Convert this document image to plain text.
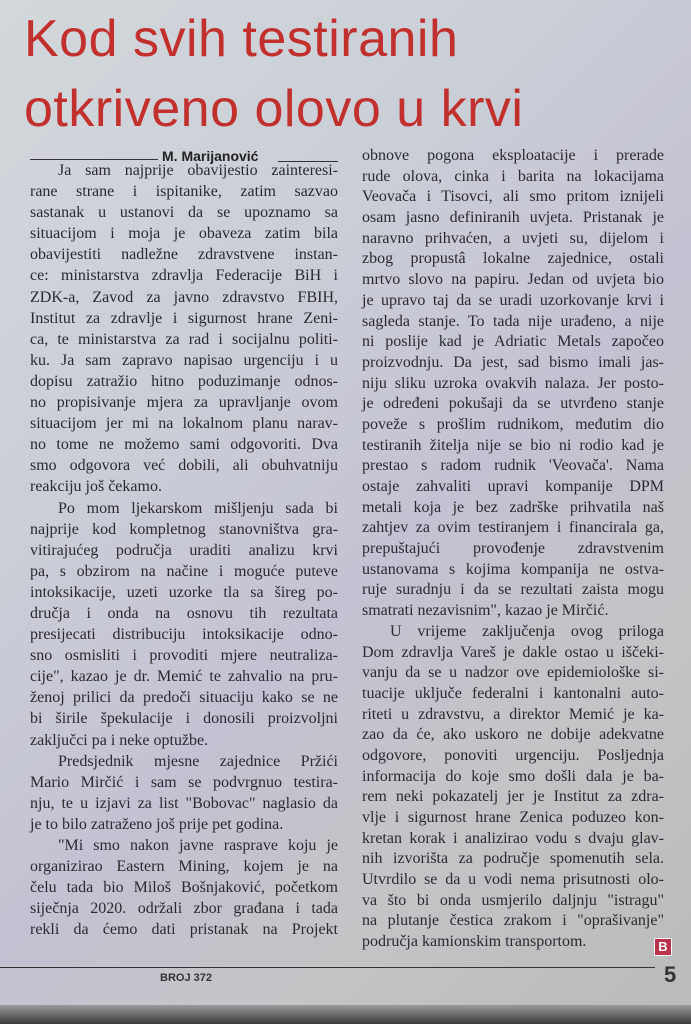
Kod svih testiranih
otkriveno olovo u krvi
M. Marijanović
Ja sam najprije obavijestio zainteresi-
rane strane i ispitanike, zatim sazvao
sastanak u ustanovi da se upoznamo sa
situacijom i moja je obaveza zatim bila
obavijestiti nadležne zdravstvene instan-
ce: ministarstva zdravlja Federacije BiH i
ZDK-a, Zavod za javno zdravstvo FBIH,
Institut za zdravlje i sigurnost hrane Zeni-
ca, te ministarstva za rad i socijalnu politi-
ku. Ja sam zapravo napisao urgenciju i u
dopisu zatražio hitno poduzimanje odnos-
no propisivanje mjera za upravljanje ovom
situacijom jer mi na lokalnom planu narav-
no tome ne možemo sami odgovoriti. Dva
smo odgovora već dobili, ali obuhvatniju
reakciju još čekamo.
Po mom ljekarskom mišljenju sada bi
najprije kod kompletnog stanovništva gra-
vitirajućeg područja uraditi analizu krvi
pa, s obzirom na načine i moguće puteve
intoksikacije, uzeti uzorke tla sa šireg po-
dručja i onda na osnovu tih rezultata
presijecati distribuciju intoksikacije odno-
sno osmisliti i provoditi mjere neutraliza-
cije", kazao je dr. Memić te zahvalio na pru-
ženoj prilici da predoči situaciju kako se ne
bi širile špekulacije i donosili proizvoljni
zaključci pa i neke optužbe.
Predsjednik mjesne zajednice Pržići
Mario Mirčić i sam se podvrgnuo testira-
nju, te u izjavi za list "Bobovac" naglasio da
je to bilo zatraženo još prije pet godina.
"Mi smo nakon javne rasprave koju je
organizirao Eastern Mining, kojem je na
čelu tada bio Miloš Bošnjaković, početkom
siječnja 2020. održali zbor građana i tada
rekli da ćemo dati pristanak na Projekt
obnove pogona eksploatacije i prerade
rude olova, cinka i barita na lokacijama
Veovača i Tisovci, ali smo pritom iznijeli
osam jasno definiranih uvjeta. Pristanak je
naravno prihvaćen, a uvjeti su, dijelom i
zbog propustâ lokalne zajednice, ostali
mrtvo slovo na papiru. Jedan od uvjeta bio
je upravo taj da se uradi uzorkovanje krvi i
sagleda stanje. To tada nije urađeno, a nije
ni poslije kad je Adriatic Metals započeo
proizvodnju. Da jest, sad bismo imali jas-
niju sliku uzroka ovakvih nalaza. Jer posto-
je određeni pokušaji da se utvrđeno stanje
poveže s prošlim rudnikom, međutim dio
testiranih žitelja nije se bio ni rodio kad je
prestao s radom rudnik 'Veovača'. Nama
ostaje zahvaliti upravi kompanije DPM
metali koja je bez zadrške prihvatila naš
zahtjev za ovim testiranjem i financirala ga,
prepuštajući provođenje zdravstvenim
ustanovama s kojima kompanija ne ostva-
ruje suradnju i da se rezultati zaista mogu
smatrati nezavisnim", kazao je Mirčić.
U vrijeme zaključenja ovog priloga
Dom zdravlja Vareš je dakle ostao u iščeki-
vanju da se u nadzor ove epidemiološke si-
tuacije uključe federalni i kantonalni auto-
riteti u zdravstvu, a direktor Memić je ka-
zao da će, ako uskoro ne dobije adekvatne
odgovore, ponoviti urgenciju. Posljednja
informacija do koje smo došli dala je ba-
rem neki pokazatelj jer je Institut za zdra-
vlje i sigurnost hrane Zenica poduzeo kon-
kretan korak i analizirao vodu s dvaju glav-
nih izvorišta za područje spomenutih sela.
Utvrdilo se da u vodi nema prisutnosti olo-
va što bi onda usmjerilo daljnju "istragu"
na plutanje čestica zrakom i "oprašivanje"
područja kamionskim transportom.	B
BROJ 372	5
